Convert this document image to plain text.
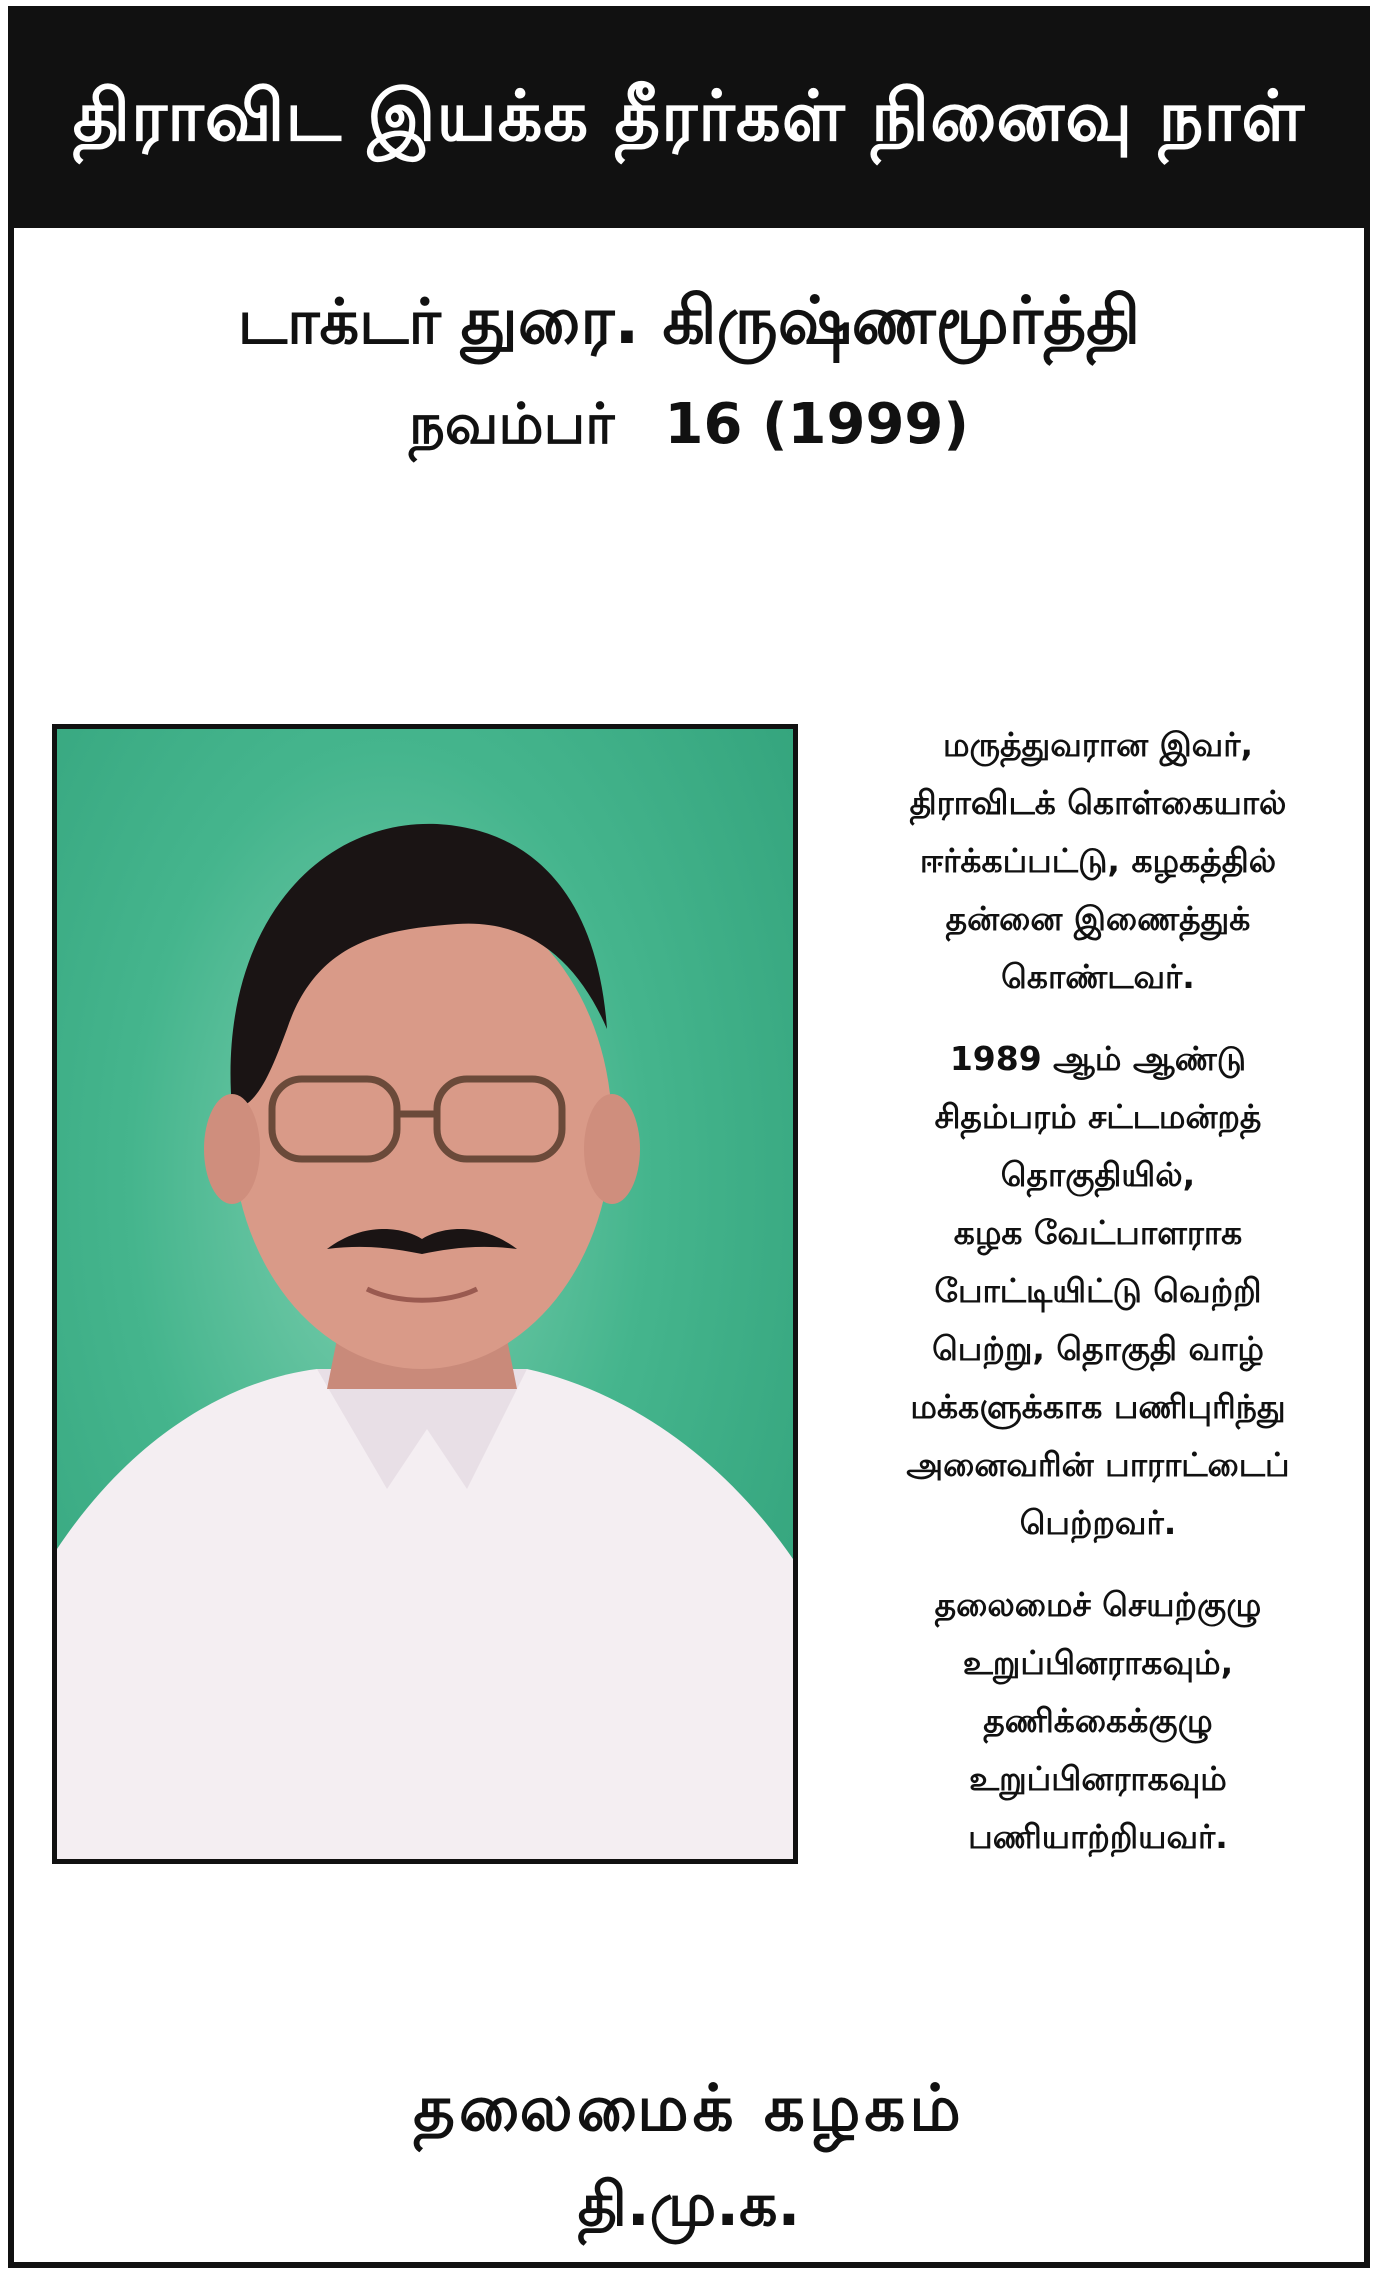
திராவிட இயக்க தீரர்கள் நினைவு நாள்
டாக்டர் துரை. கிருஷ்ணமூர்த்தி
நவம்பர் 16 (1999)

மருத்துவரான இவர்,
திராவிடக் கொள்கையால்
ஈர்க்கப்பட்டு, கழகத்தில்
தன்னை இணைத்துக்
கொண்டவர்.

1989 ஆம் ஆண்டு
சிதம்பரம் சட்டமன்றத்
தொகுதியில்,
கழக வேட்பாளராக
போட்டியிட்டு வெற்றி
பெற்று, தொகுதி வாழ்
மக்களுக்காக பணிபுரிந்து
அனைவரின் பாராட்டைப்
பெற்றவர்.

தலைமைச் செயற்குழு
உறுப்பினராகவும்,
தணிக்கைக்குழு
உறுப்பினராகவும்
பணியாற்றியவர்.

தலைமைக் கழகம்
தி.மு.க.
